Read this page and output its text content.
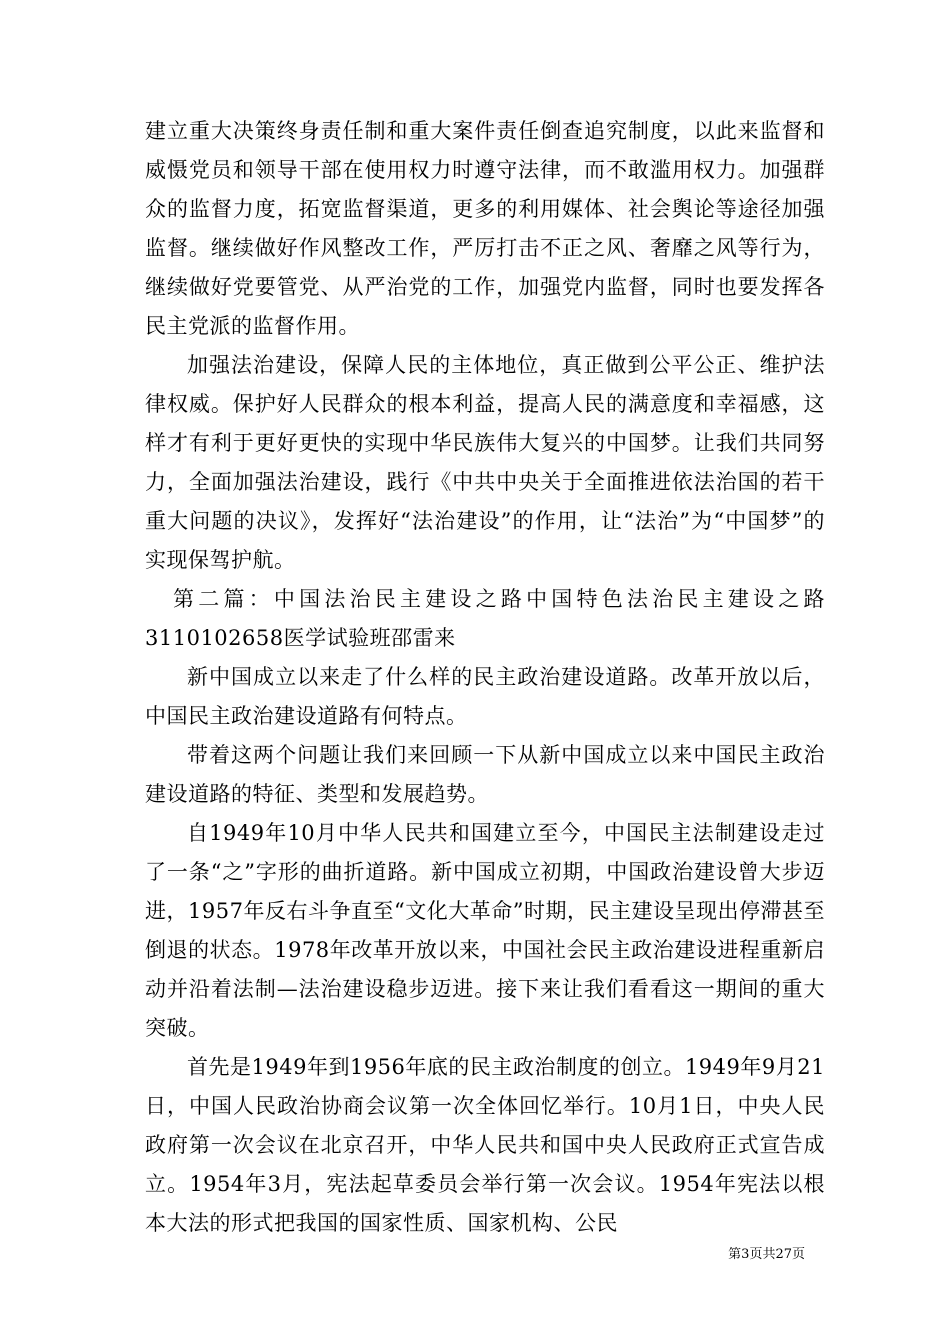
建立重大决策终身责任制和重大案件责任倒查追究制度，以此来监督和威慑党员和领导干部在使用权力时遵守法律，而不敢滥用权力。加强群众的监督力度，拓宽监督渠道，更多的利用媒体、社会舆论等途径加强监督。继续做好作风整改工作，严厉打击不正之风、奢靡之风等行为，继续做好党要管党、从严治党的工作，加强党内监督，同时也要发挥各民主党派的监督作用。

加强法治建设，保障人民的主体地位，真正做到公平公正、维护法律权威。保护好人民群众的根本利益，提高人民的满意度和幸福感，这样才有利于更好更快的实现中华民族伟大复兴的中国梦。让我们共同努力，全面加强法治建设，践行《中共中央关于全面推进依法治国的若干重大问题的决议》，发挥好“法治建设”的作用，让“法治”为“中国梦”的实现保驾护航。

第二篇：中国法治民主建设之路中国特色法治民主建设之路3110102658医学试验班邵雷来

新中国成立以来走了什么样的民主政治建设道路。改革开放以后，中国民主政治建设道路有何特点。

带着这两个问题让我们来回顾一下从新中国成立以来中国民主政治建设道路的特征、类型和发展趋势。

自1949年10月中华人民共和国建立至今，中国民主法制建设走过了一条“之”字形的曲折道路。新中国成立初期，中国政治建设曾大步迈进，1957年反右斗争直至“文化大革命”时期，民主建设呈现出停滞甚至倒退的状态。1978年改革开放以来，中国社会民主政治建设进程重新启动并沿着法制—法治建设稳步迈进。接下来让我们看看这一期间的重大突破。

首先是1949年到1956年底的民主政治制度的创立。1949年9月21日，中国人民政治协商会议第一次全体回忆举行。10月1日，中央人民政府第一次会议在北京召开，中华人民共和国中央人民政府正式宣告成立。1954年3月，宪法起草委员会举行第一次会议。1954年宪法以根本大法的形式把我国的国家性质、国家机构、公民

第3页共27页
